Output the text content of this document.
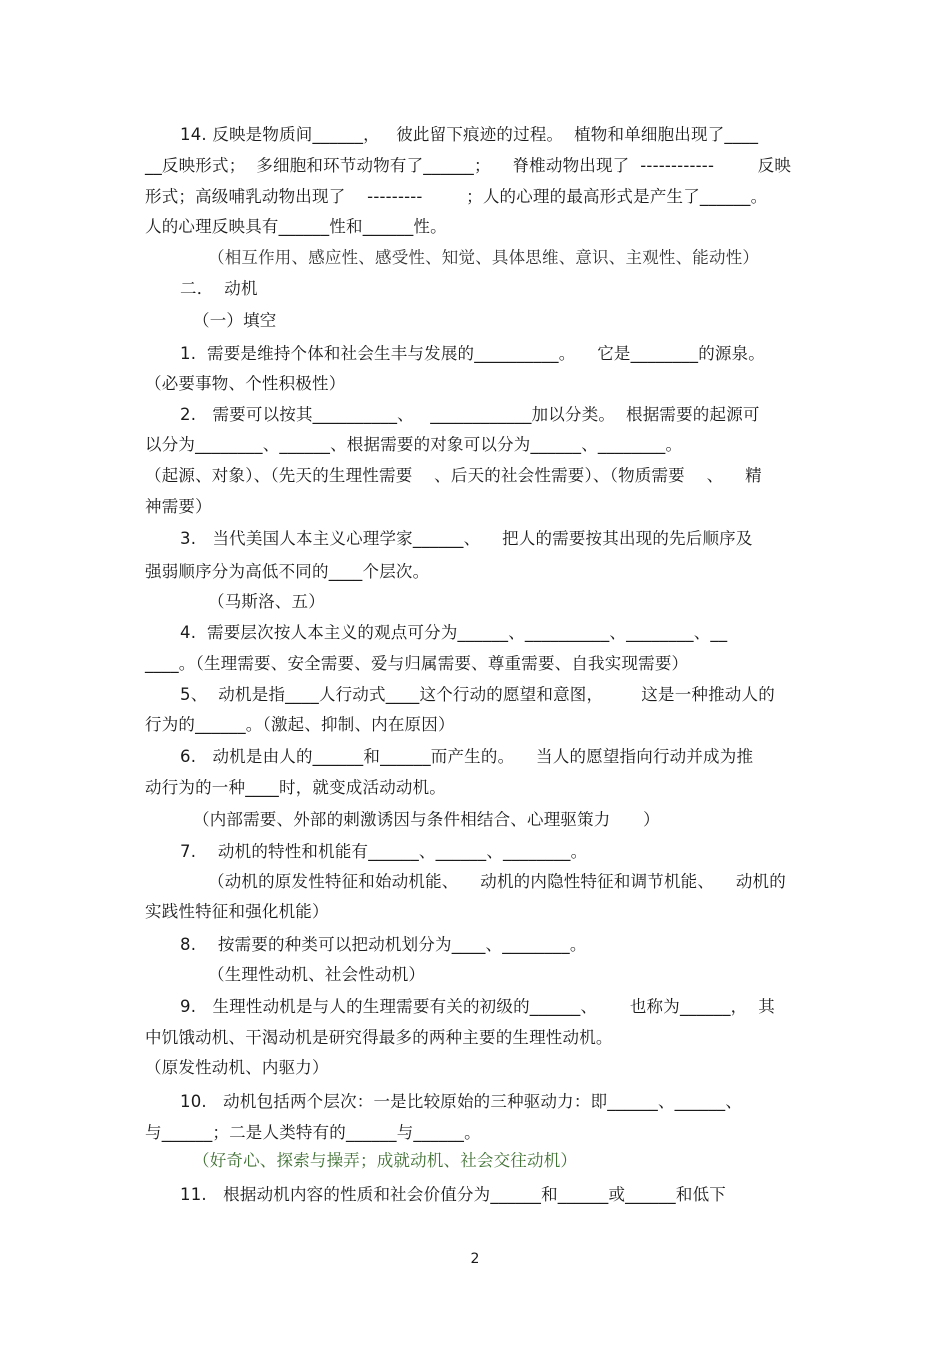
14. 反映是物质间______，   彼此留下痕迹的过程。  植物和单细胞出现了____
__反映形式；  多细胞和环节动物有了______；    脊椎动物出现了  ------------        反映
形式；高级哺乳动物出现了    ---------        ；人的心理的最高形式是产生了______。
人的心理反映具有______性和______性。
（相互作用、感应性、感受性、知觉、具体思维、意识、主观性、能动性）
二．  动机
（一）填空
1.  需要是维持个体和社会生丰与发展的__________。    它是________的源泉。
（必要事物、个性积极性）
2.   需要可以按其__________、   ____________加以分类。  根据需要的起源可
以分为________、______、根据需要的对象可以分为______、________。
（起源、对象）、（先天的生理性需要    、后天的社会性需要）、（物质需要    、    精
神需要）
3.   当代美国人本主义心理学家______、    把人的需要按其出现的先后顺序及
强弱顺序分为高低不同的____个层次。
（马斯洛、五）
4.  需要层次按人本主义的观点可分为______、__________、________、__
____。（生理需要、安全需要、爱与归属需要、尊重需要、自我实现需要）
5、  动机是指____人行动式____这个行动的愿望和意图，       这是一种推动人的
行为的______。（激起、抑制、内在原因）
6.   动机是由人的______和______而产生的。    当人的愿望指向行动并成为推
动行为的一种____时，就变成活动动机。
（内部需要、外部的刺激诱因与条件相结合、心理驱策力      ）
7.    动机的特性和机能有______、______、________。
（动机的原发性特征和始动机能、    动机的内隐性特征和调节机能、    动机的
实践性特征和强化机能）
8.    按需要的种类可以把动机划分为____、________。
（生理性动机、社会性动机）
9.   生理性动机是与人的生理需要有关的初级的______、      也称为______，  其
中饥饿动机、干渴动机是研究得最多的两种主要的生理性动机。
（原发性动机、内驱力）
10.   动机包括两个层次：一是比较原始的三种驱动力：即______、______、
与______；二是人类特有的______与______。
（好奇心、探索与操弄；成就动机、社会交往动机）
11.   根据动机内容的性质和社会价值分为______和______或______和低下
2
